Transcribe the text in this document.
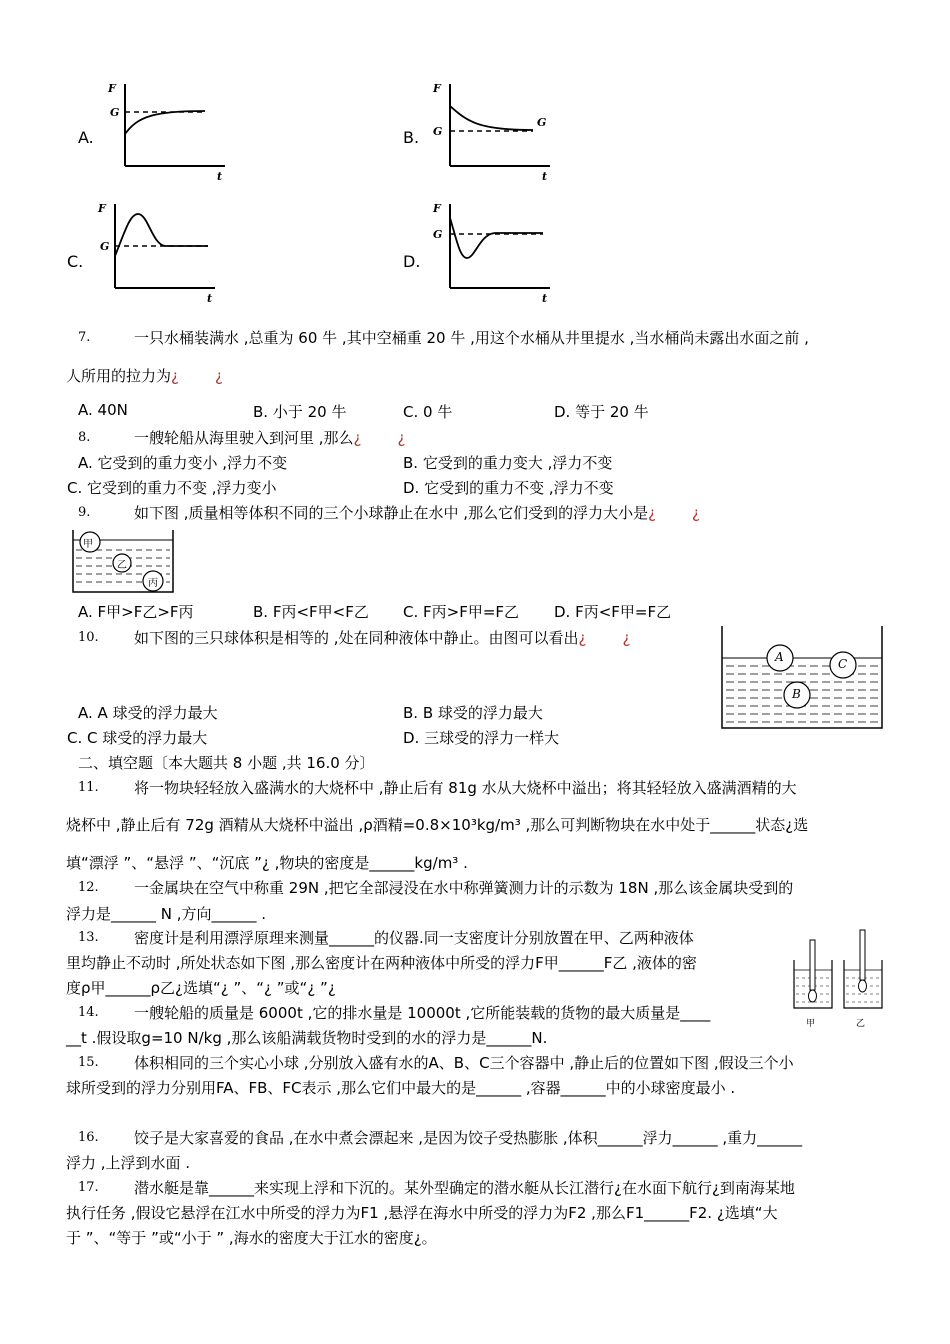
A.
F
G
t
B.
F
G
G
t
C.
F
G
t
D.
F
G
t
7.	一只水桶装满水 ,总重为 60 牛 ,其中空桶重 20 牛 ,用这个水桶从井里提水 ,当水桶尚未露出水面之前 ,
人所用的拉力为¿ ¿
A. 40N	B. 小于 20 牛	C. 0 牛	D. 等于 20 牛
8.	一艘轮船从海里驶入到河里 ,那么¿ ¿
A. 它受到的重力变小 ,浮力不变	B. 它受到的重力变大 ,浮力不变
C. 它受到的重力不变 ,浮力变小	D. 它受到的重力不变 ,浮力不变
9.	如下图 ,质量相等体积不同的三个小球静止在水中 ,那么它们受到的浮力大小是¿ ¿
甲
乙
丙
A. F甲>F乙>F丙	B. F丙<F甲<F乙 C. F丙>F甲=F乙 D. F丙<F甲=F乙
10. 如下图的三只球体积是相等的 ,处在同种液体中静止。由图可以看出¿ ¿
A
B
C
A. A 球受的浮力最大	B. B 球受的浮力最大
C. C 球受的浮力最大	D. 三球受的浮力一样大
二、填空题〔本大题共 8 小题 ,共 16.0 分〕
11. 将一物块轻轻放入盛满水的大烧杯中 ,静止后有 81g 水从大烧杯中溢出；将其轻轻放入盛满酒精的大
烧杯中 ,静止后有 72g 酒精从大烧杯中溢出 ,ρ酒精=0.8×10³kg/m³ ,那么可判断物块在水中处于______状态¿选
填“漂浮 ”、“悬浮 ”、“沉底 ”¿ ,物块的密度是______kg/m³ .
12. 一金属块在空气中称重 29N ,把它全部浸没在水中称弹簧测力计的示数为 18N ,那么该金属块受到的
浮力是______ N ,方向______ .
13. 密度计是利用漂浮原理来测量______的仪器.同一支密度计分别放置在甲、乙两种液体
里均静止不动时 ,所处状态如下图 ,那么密度计在两种液体中所受的浮力F甲______F乙 ,液体的密
度ρ甲______ρ乙¿选填“¿ ”、“¿ ”或“¿ ”¿
甲	乙
14. 一艘轮船的质量是 6000t ,它的排水量是 10000t ,它所能装载的货物的最大质量是____
__t .假设取g=10 N/kg ,那么该船满载货物时受到的水的浮力是______N.
15. 体积相同的三个实心小球 ,分别放入盛有水的A、B、C三个容器中 ,静止后的位置如下图 ,假设三个小
球所受到的浮力分别用FA、FB、FC表示 ,那么它们中最大的是______ ,容器______中的小球密度最小 .
16. 饺子是大家喜爱的食品 ,在水中煮会漂起来 ,是因为饺子受热膨胀 ,体积______浮力______ ,重力______
浮力 ,上浮到水面 .
17. 潜水艇是靠______来实现上浮和下沉的。某外型确定的潜水艇从长江潜行¿在水面下航行¿到南海某地
执行任务 ,假设它悬浮在江水中所受的浮力为F1 ,悬浮在海水中所受的浮力为F2 ,那么F1______F2. ¿选填“大
于 ”、“等于 ”或“小于 ” ,海水的密度大于江水的密度¿。
